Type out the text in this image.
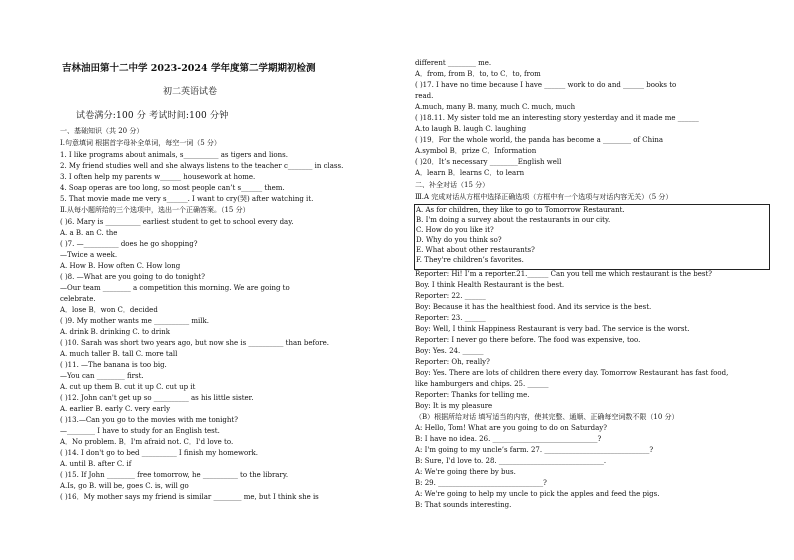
吉林油田第十二中学 2023-2024 学年度第二学期期初检测
初二英语试卷
试卷满分:100 分 考试时间:100 分钟
一、基础知识（共 20 分）
Ⅰ.句意填词 根据首字母补全单词，每空一词（5 分）
1. I like programs about animals, s__________ as tigers and lions.
2. My friend studies well and she always listens to the teacher c_______ in class.
3. I often help my parents w______ housework at home.
4. Soap operas are too long, so most people can’t s______ them.
5. That movie made me very s______. I want to cry(哭) after watching it.
Ⅱ.从每小题所给的三个选项中，选出一个正确答案。（15 分）
( )6. Mary is __________ earliest student to get to school every day.
A. a B. an C. the
( )7. —__________ does he go shopping?
—Twice a week.
A. How B. How often C. How long
( )8. —What are you going to do tonight?
—Our team ________ a competition this morning. We are going to
celebrate.
A．lose B．won C．decided
( )9. My mother wants me __________ milk.
A. drink B. drinking C. to drink
( )10. Sarah was short two years ago, but now she is __________ than before.
A. much taller B. tall C. more tall
( )11. —The banana is too big.
—You can ________ first.
A. cut up them B. cut it up C. cut up it
( )12. John can't get up so __________ as his little sister.
A. earlier B. early C. very early
( )13.—Can you go to the movies with me tonight?
—________ I have to study for an English test.
A．No problem. B．I'm afraid not. C．I'd love to.
( )14. I don't go to bed __________ I finish my homework.
A. until B. after C. if
( )15. If John ________ free tomorrow, he __________ to the library.
A.Is, go B. will be, goes C. is, will go
( )16．My mother says my friend is similar ________ me, but I think she is
different ________ me.
A．from, from B．to, to C．to, from
( )17. I have no time because I have ______ work to do and ______ books to
read.
A.much, many B. many, much C. much, much
( )18.11. My sister told me an interesting story yesterday and it made me ______
A.to laugh B. laugh C. laughing
( )19．For the whole world, the panda has become a ________ of China
A.symbol B．prize C．Information
( )20．It’s necessary ________English well
A．learn B．learns C．to learn
二、补全对话（15 分）
Ⅲ.A 完成对话从方框中选择正确选项（方框中有一个选项与对话内容无关）（5 分）
A. As for children, they like to go to Tomorrow Restaurant.
B. I'm doing a survey about the restaurants in our city.
C. How do you like it?
D. Why do you think so?
E. What about other restaurants?
F. They're children’s favorites.
Reporter: Hi! I’m a reporter.21.______ Can you tell me which restaurant is the best?
Boy. I think Health Restaurant is the best.
Reporter: 22. ______
Boy: Because it has the healthiest food. And its service is the best.
Reporter: 23. ______
Boy: Well, I think Happiness Restaurant is very bad. The service is the worst.
Reporter: I never go there before. The food was expensive, too.
Boy: Yes. 24. ______
Reporter: Oh, really?
Boy: Yes. There are lots of children there every day. Tomorrow Restaurant has fast food,
like hamburgers and chips. 25. ______
Reporter: Thanks for telling me.
Boy: It is my pleasure
（B）根据所给对话 填写适当的内容，使其完整、通顺、正确每空词数不限（10 分）
A: Hello, Tom! What are you going to do on Saturday?
B: I have no idea. 26. ______________________________?
A: I'm going to my uncle’s farm. 27. ______________________________?
B: Sure, I'd love to. 28. ______________________________.
A: We're going there by bus.
B: 29. ______________________________?
A: We're going to help my uncle to pick the apples and feed the pigs.
B: That sounds interesting.
